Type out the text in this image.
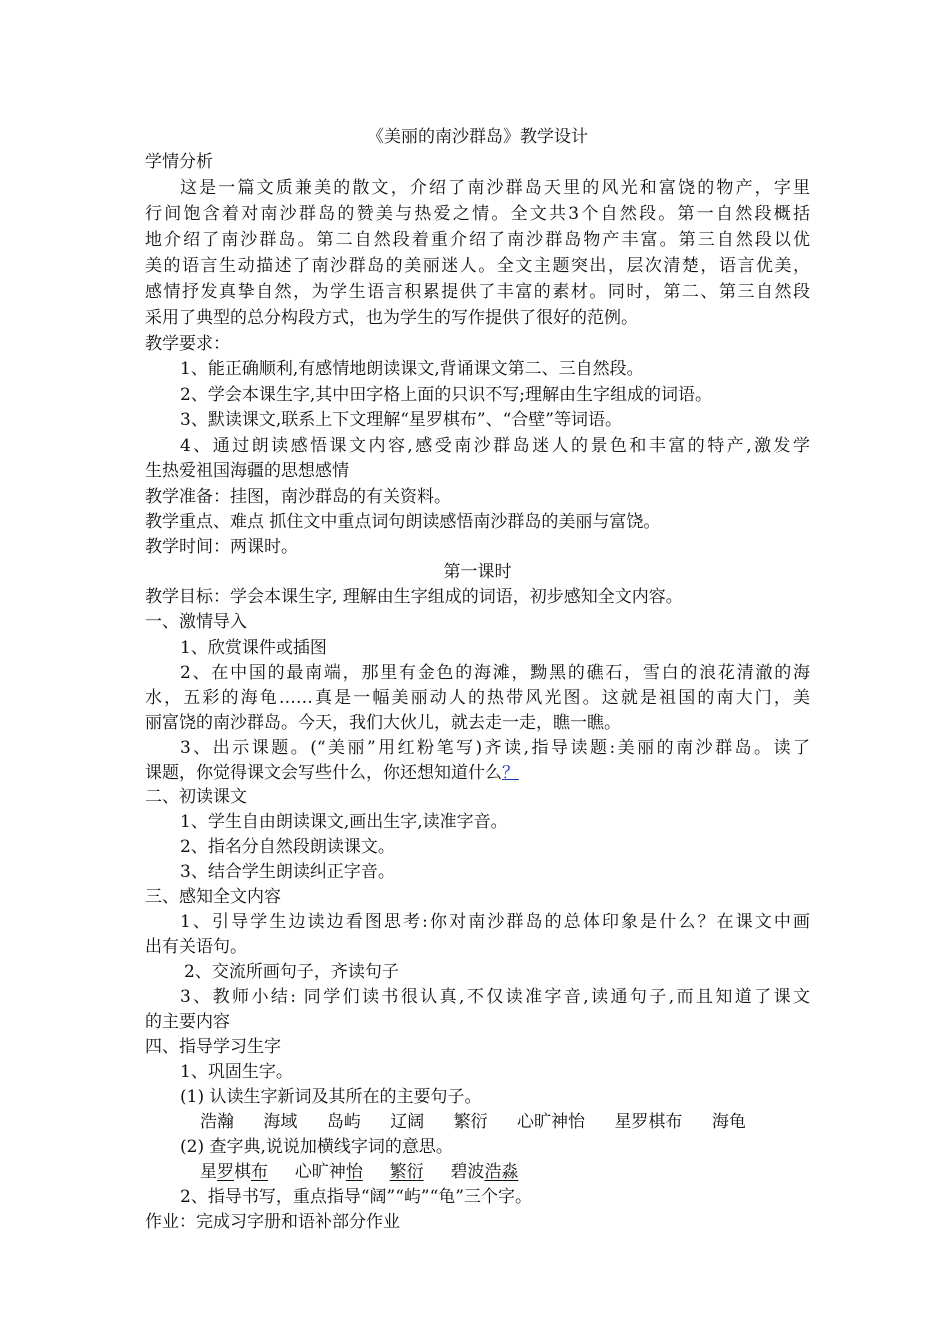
《美丽的南沙群岛》教学设计
学情分析
这是一篇文质兼美的散文，介绍了南沙群岛天里的风光和富饶的物产，字里
行间饱含着对南沙群岛的赞美与热爱之情。全文共3个自然段。第一自然段概括
地介绍了南沙群岛。第二自然段着重介绍了南沙群岛物产丰富。第三自然段以优
美的语言生动描述了南沙群岛的美丽迷人。全文主题突出，层次清楚，语言优美，
感情抒发真挚自然，为学生语言积累提供了丰富的素材。同时，第二、第三自然段
采用了典型的总分构段方式，也为学生的写作提供了很好的范例。
教学要求：
1、能正确顺利,有感情地朗读课文,背诵课文第二、三自然段。
2、学会本课生字,其中田字格上面的只识不写;理解由生字组成的词语。
3、默读课文,联系上下文理解“星罗棋布”、“合壁”等词语。
4、通过朗读感悟课文内容,感受南沙群岛迷人的景色和丰富的特产,激发学
生热爱祖国海疆的思想感情
教学准备：挂图，南沙群岛的有关资料。
教学重点、难点 抓住文中重点词句朗读感悟南沙群岛的美丽与富饶。
教学时间：两课时。
第一课时
教学目标：学会本课生字, 理解由生字组成的词语，初步感知全文内容。
一、激情导入
1、欣赏课件或插图
2、在中国的最南端，那里有金色的海滩，黝黑的礁石，雪白的浪花清澈的海
水，五彩的海龟……真是一幅美丽动人的热带风光图。这就是祖国的南大门，美
丽富饶的南沙群岛。今天，我们大伙儿，就去走一走，瞧一瞧。
3、出示课题。(“美丽”用红粉笔写)齐读,指导读题:美丽的南沙群岛。读了
课题，你觉得课文会写些什么，你还想知道什么？
二、初读课文
1、学生自由朗读课文,画出生字,读准字音。
2、指名分自然段朗读课文。
3、结合学生朗读纠正字音。
三、感知全文内容
1、引导学生边读边看图思考:你对南沙群岛的总体印象是什么？在课文中画
出有关语句。
2、交流所画句子，齐读句子
3、教师小结: 同学们读书很认真,不仅读准字音,读通句子,而且知道了课文
的主要内容
四、指导学习生字
1、巩固生字。
(1) 认读生字新词及其所在的主要句子。
浩瀚 海域 岛屿 辽阔 繁衍 心旷神怡 星罗棋布 海龟
(2) 查字典,说说加横线字词的意思。
星罗棋布 心旷神怡 繁衍 碧波浩淼
2、指导书写，重点指导“阔”“屿”“龟”三个字。
作业：完成习字册和语补部分作业
